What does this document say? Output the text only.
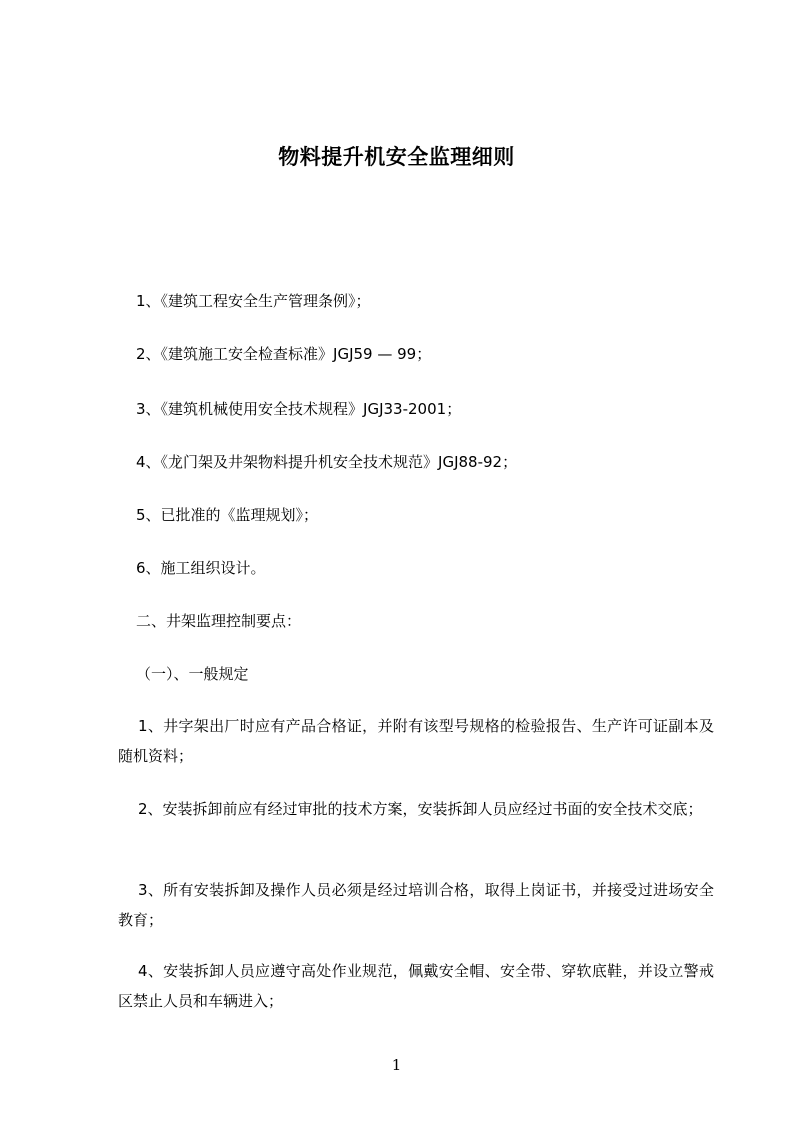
物料提升机安全监理细则
1、《建筑工程安全生产管理条例》；
2、《建筑施工安全检查标准》JGJ59 — 99；
3、《建筑机械使用安全技术规程》JGJ33-2001；
4、《龙门架及井架物料提升机安全技术规范》JGJ88-92；
5、已批准的《监理规划》；
6、施工组织设计。
二、井架监理控制要点：
（一）、一般规定
1、井字架出厂时应有产品合格证，并附有该型号规格的检验报告、生产许可证副本及随机资料；
2、安装拆卸前应有经过审批的技术方案，安装拆卸人员应经过书面的安全技术交底；
3、所有安装拆卸及操作人员必须是经过培训合格，取得上岗证书，并接受过进场安全教育；
4、安装拆卸人员应遵守高处作业规范，佩戴安全帽、安全带、穿软底鞋，并设立警戒区禁止人员和车辆进入；
1
